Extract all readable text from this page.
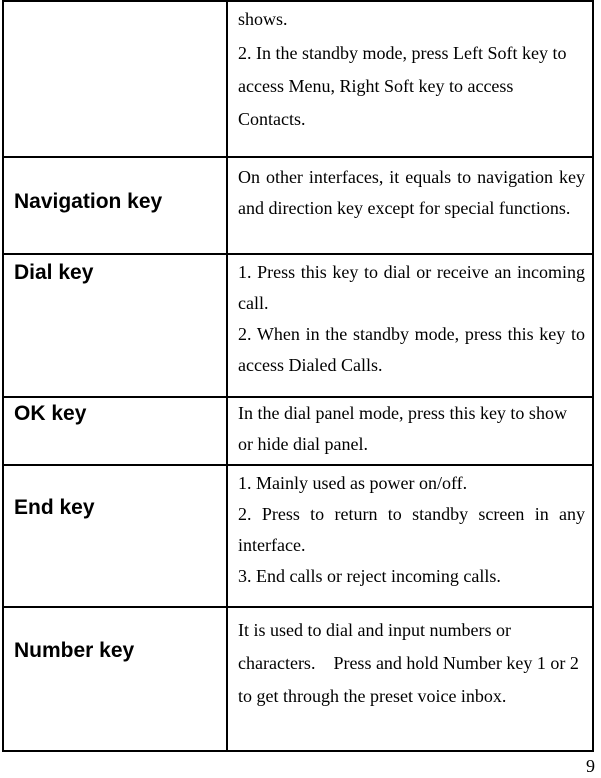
	shows.
2. In the standby mode, press Left Soft key to access Menu, Right Soft key to access Contacts.

Navigation key	On other interfaces, it equals to navigation key and direction key except for special functions.

Dial key	1. Press this key to dial or receive an incoming call.
2. When in the standby mode, press this key to access Dialed Calls.

OK key	In the dial panel mode, press this key to show or hide dial panel.

End key	1. Mainly used as power on/off.
2. Press to return to standby screen in any interface.
3. End calls or reject incoming calls.

Number key	It is used to dial and input numbers or characters.　Press and hold Number key 1 or 2 to get through the preset voice inbox.
9
